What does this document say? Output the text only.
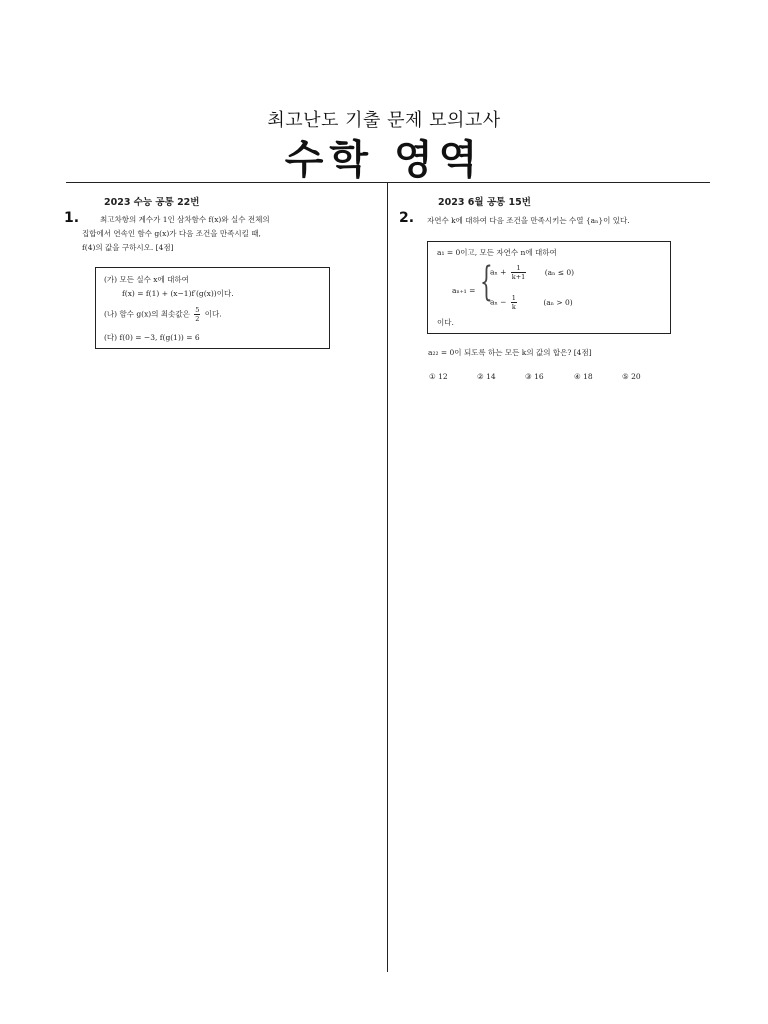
최고난도 기출 문제 모의고사
수학 영역
2023 수능 공통 22번
1.	최고차항의 계수가 1인 삼차함수 f(x)와 실수 전체의
집합에서 연속인 함수 g(x)가 다음 조건을 만족시킬 때,
f(4)의 값을 구하시오. [4점]
(가) 모든 실수 x에 대하여
f(x) = f(1) + (x−1)f′(g(x))이다.
(나) 함수 g(x)의 최솟값은 $\frac{5}{2}$ 이다.
(다) f(0) = −3, f(g(1)) = 6
2023 6월 공통 15번
2. 자연수 k에 대하여 다음 조건을 만족시키는 수열 {aₙ}이 있다.
a₁ = 0이고, 모든 자연수 n에 대하여
aₙ₊₁ = {
$a_n + \frac{1}{k+1} (a_n \le 0)$
$a_n - \frac{1}{k}$	(aₙ > 0)
이다.
a₂₂ = 0이 되도록 하는 모든 k의 값의 합은? [4점]
① 12	② 14	③ 16	④ 18	⑤ 20
